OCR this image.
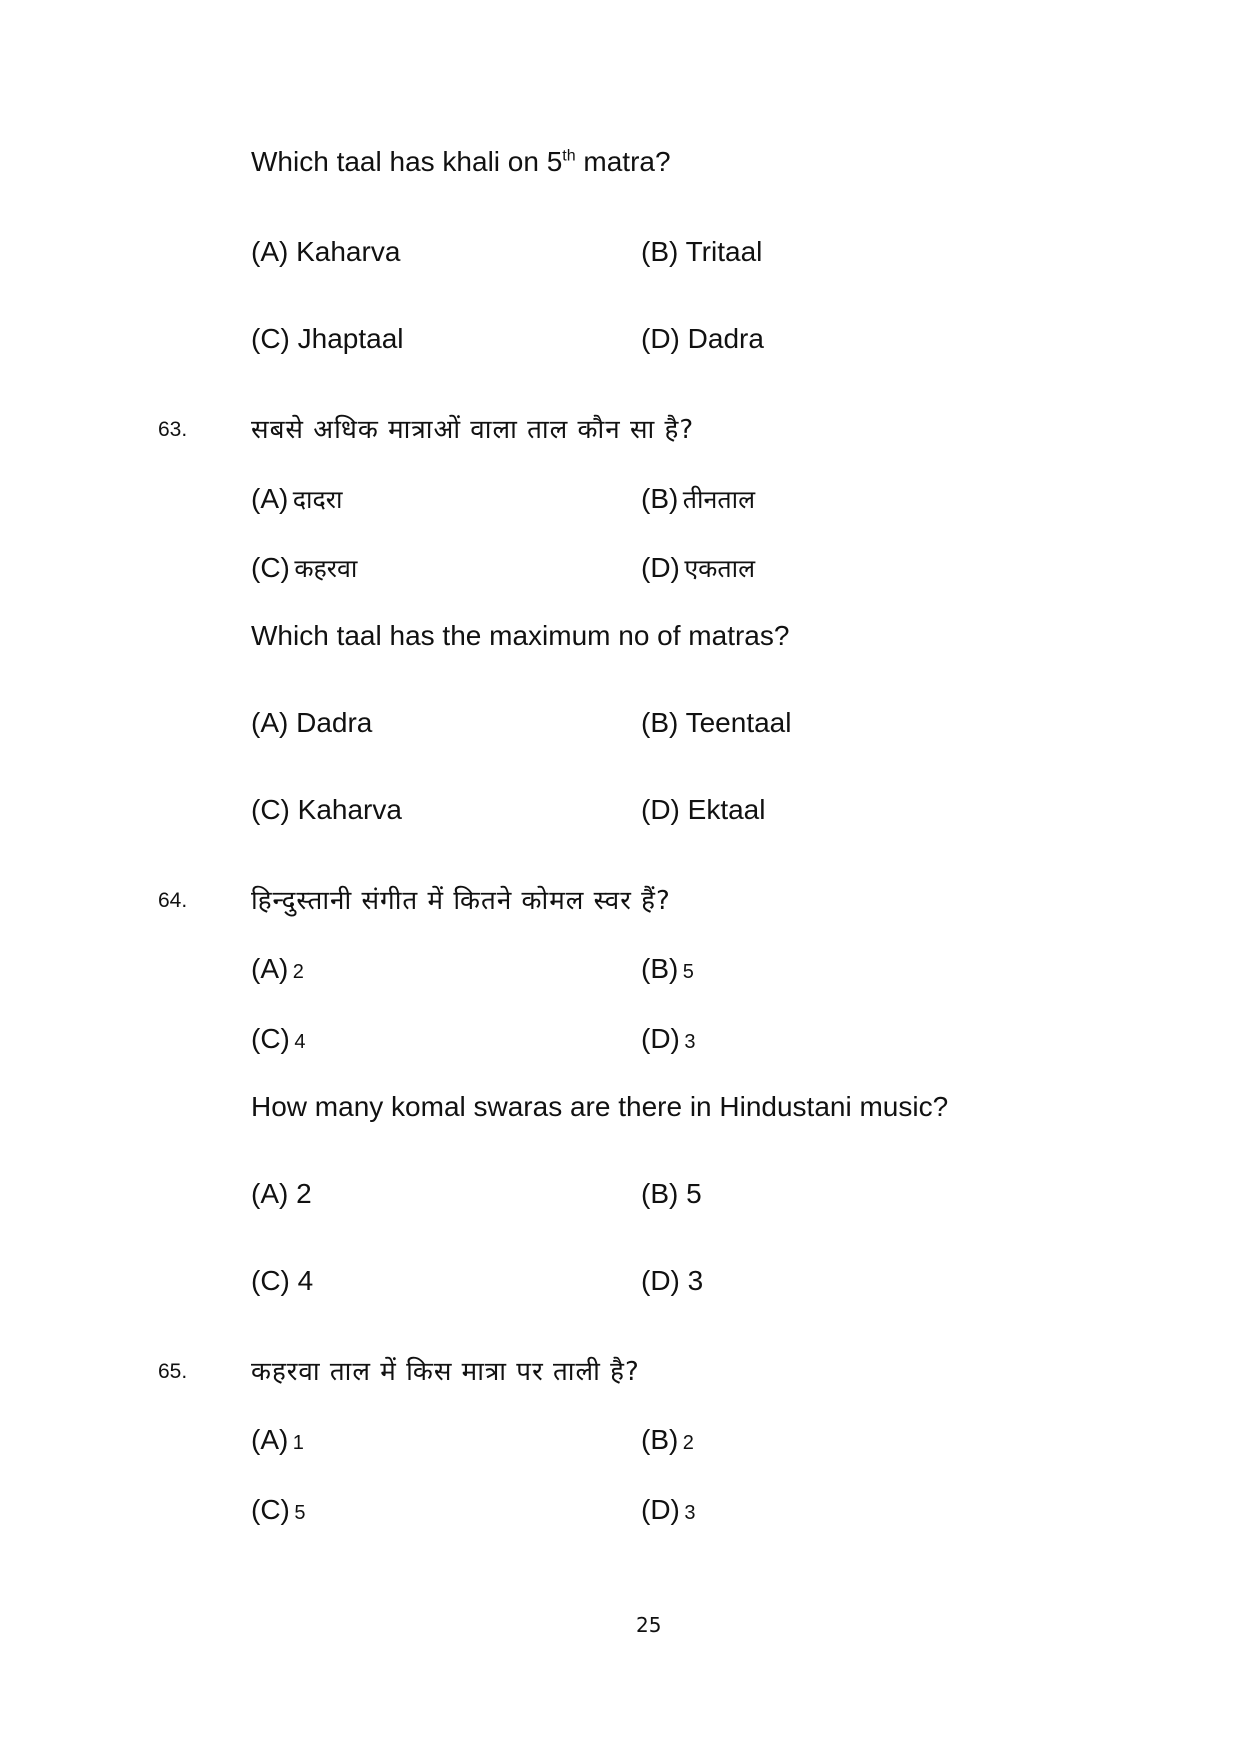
Which taal has khali on 5th matra?
(A) Kaharva	(B) Tritaal
(C) Jhaptaal	(D) Dadra
63. सबसे अधिक मात्राओं वाला ताल कौन सा है?
(A) दादरा	(B) तीनताल
(C) कहरवा	(D) एकताल
Which taal has the maximum no of matras?
(A) Dadra	(B) Teentaal
(C) Kaharva	(D) Ektaal
64. हिन्दुस्तानी संगीत में कितने कोमल स्वर हैं?
(A) 2	(B) 5
(C) 4	(D) 3
How many komal swaras are there in Hindustani music?
(A) 2	(B) 5
(C) 4	(D) 3
65. कहरवा ताल में किस मात्रा पर ताली है?
(A) 1	(B) 2
(C) 5	(D) 3
25
